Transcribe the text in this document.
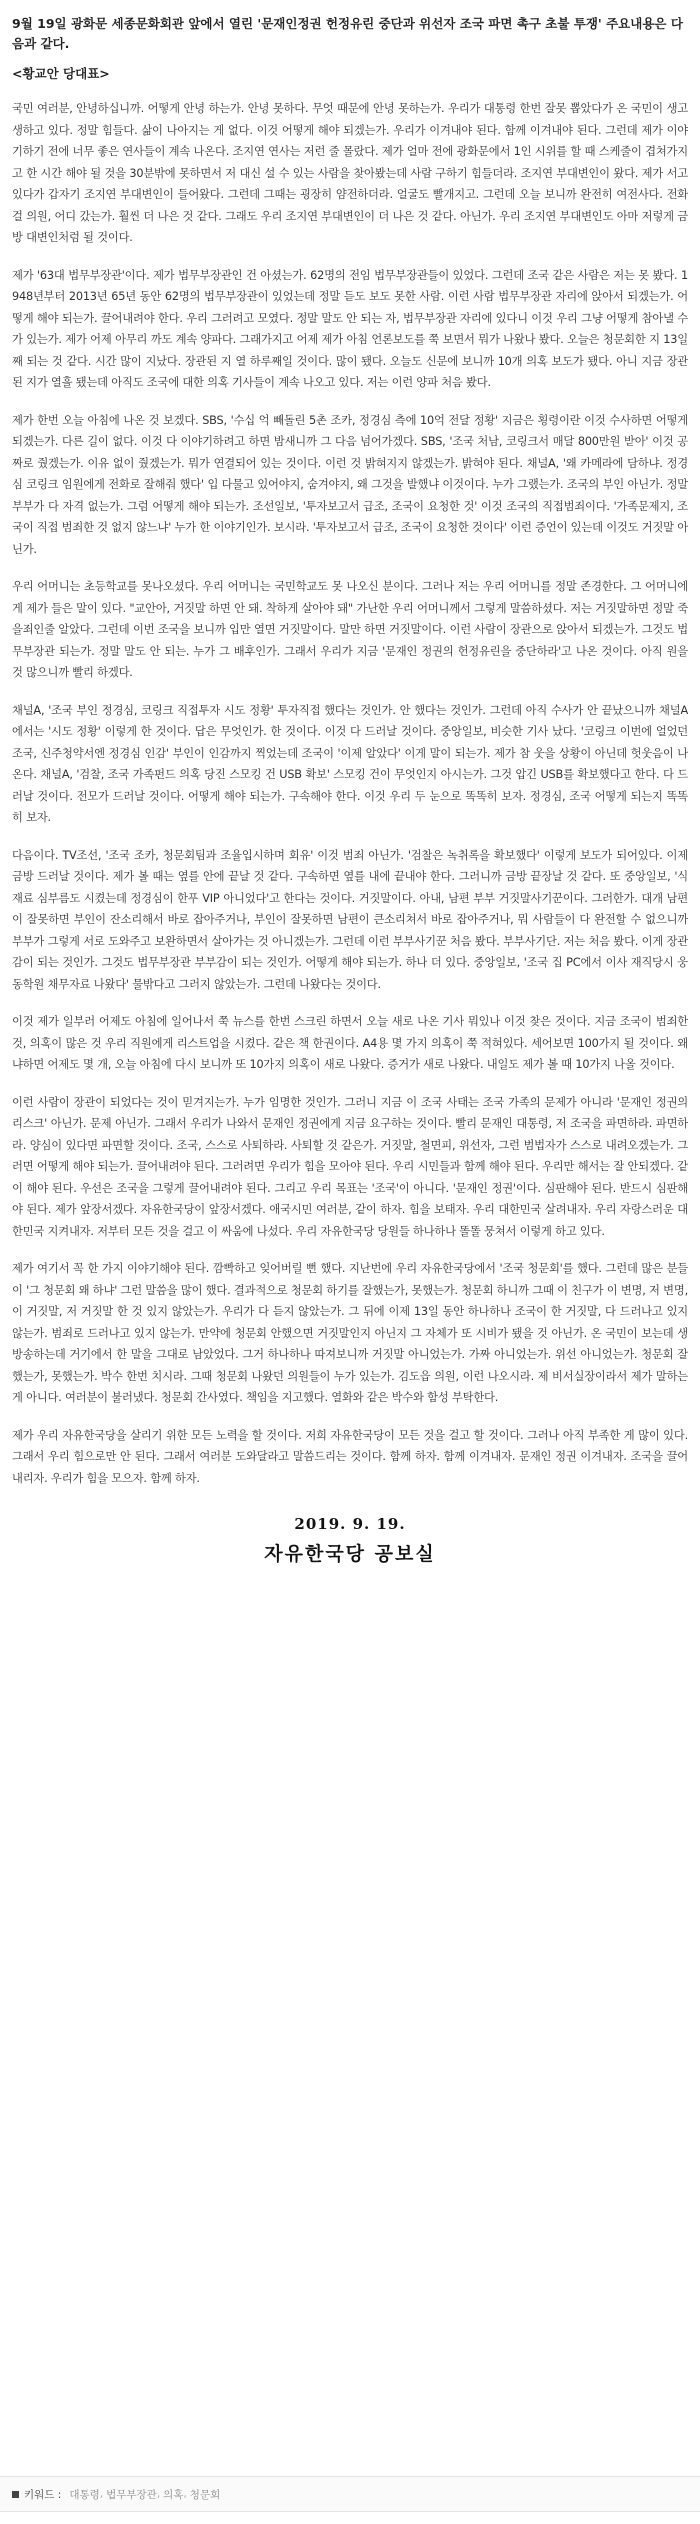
9월 19일 광화문 세종문화회관 앞에서 열린 '문재인정권 헌정유린 중단과 위선자 조국 파면 촉구 초불 투쟁' 주요내용은 다음과 같다.
<황교안 당대표>

국민 여러분, 안녕하십니까. 어떻게 안녕 하는가. 안녕 못하다. 무엇 때문에 안녕 못하는가. 우리가 대통령 한번 잘못 뽑았다가 온 국민이 생고생하고 있다. 정말 힘들다. 삶이 나아지는 게 없다. 이것 어떻게 해야 되겠는가. 우리가 이겨내야 된다. 함께 이겨내야 된다. 그런데 제가 이야기하기 전에 너무 좋은 연사들이 계속 나온다. 조지연 연사는 저런 줄 몰랐다. 제가 얼마 전에 광화문에서 1인 시위를 할 때 스케줄이 겹쳐가지고 한 시간 해야 될 것을 30분밖에 못하면서 저 대신 설 수 있는 사람을 찾아봤는데 사람 구하기 힘들더라. 조지연 부대변인이 왔다. 제가 서고 있다가 갑자기 조지연 부대변인이 들어왔다. 그런데 그때는 굉장히 얌전하더라. 얼굴도 빨개지고. 그런데 오늘 보니까 완전히 여전사다. 전화걸 의원, 어디 갔는가. 훨씬 더 나은 것 같다. 그래도 우리 조지연 부대변인이 더 나은 것 같다. 아닌가. 우리 조지연 부대변인도 아마 저렇게 금방 대변인처럼 될 것이다.

제가 '63대 법무부장관'이다. 제가 법무부장관인 건 아셨는가. 62명의 전임 법무부장관들이 있었다. 그런데 조국 같은 사람은 저는 못 봤다. 1948년부터 2013년 65년 동안 62명의 법무부장관이 있었는데 정말 듣도 보도 못한 사람. 이런 사람 법무부장관 자리에 앉아서 되겠는가. 어떻게 해야 되는가. 끌어내려야 한다. 우리 그러려고 모였다. 정말 말도 안 되는 자, 법무부장관 자리에 있다니 이것 우리 그냥 어떻게 참아낼 수가 있는가. 제가 어제 아무리 까도 계속 양파다. 그래가지고 어제 제가 아침 언론보도를 쭉 보면서 뭐가 나왔나 봤다. 오늘은 청문회한 지 13일째 되는 것 같다. 시간 많이 지났다. 장관된 지 열 하루째일 것이다. 많이 됐다. 오늘도 신문에 보니까 10개 의혹 보도가 됐다. 아니 지금 장관된 지가 열흘 됐는데 아직도 조국에 대한 의혹 기사들이 계속 나오고 있다. 저는 이런 양파 처음 봤다.

제가 한번 오늘 아침에 나온 것 보겠다. SBS, '수십 억 빼돌린 5촌 조카, 정경심 측에 10억 전달 정황' 지금은 횡령이란 이것 수사하면 어떻게 되겠는가. 다른 길이 없다. 이것 다 이야기하려고 하면 밤새니까 그 다음 넘어가겠다. SBS, '조국 처남, 코링크서 매달 800만원 받아' 이것 공짜로 줬겠는가. 이유 없이 줬겠는가. 뭐가 연결되어 있는 것이다. 이런 것 밝혀지지 않겠는가. 밝혀야 된다. 채널A, '왜 카메라에 담하냐. 정경심 코링크 임원에게 전화로 잘해줘 했다' 입 다물고 있어야지, 숨겨야지, 왜 그것을 발했냐 이것이다. 누가 그랬는가. 조국의 부인 아닌가. 정말 부부가 다 자격 없는가. 그럼 어떻게 해야 되는가. 조선일보, '투자보고서 급조, 조국이 요청한 것' 이것 조국의 직접범죄이다. '가족문제지, 조국이 직접 범죄한 것 없지 않느냐' 누가 한 이야기인가. 보시라. '투자보고서 급조, 조국이 요청한 것이다' 이런 증언이 있는데 이것도 거짓말 아닌가.

우리 어머니는 초등학교를 못나오셨다. 우리 어머니는 국민학교도 못 나오신 분이다. 그러나 저는 우리 어머니를 정말 존경한다. 그 어머니에게 제가 들은 말이 있다. "교안아, 거짓말 하면 안 돼. 착하게 살아야 돼" 가난한 우리 어머니께서 그렇게 말씀하셨다. 저는 거짓말하면 정말 죽을죄인줄 알았다. 그런데 이번 조국을 보니까 입만 열면 거짓말이다. 말만 하면 거짓말이다. 이런 사람이 장관으로 앉아서 되겠는가. 그것도 법무부장관 되는가. 정말 말도 안 되는. 누가 그 배후인가. 그래서 우리가 지금 '문재인 정권의 헌정유린을 중단하라'고 나온 것이다. 아직 원을 것 많으니까 빨리 하겠다.

채널A, '조국 부인 정경심, 코링크 직접투자 시도 정황' 투자직접 했다는 것인가. 안 했다는 것인가. 그런데 아직 수사가 안 끝났으니까 채널A에서는 '시도 정황' 이렇게 한 것이다. 답은 무엇인가. 한 것이다. 이것 다 드러날 것이다. 중앙일보, 비슷한 기사 났다. '코링크 이번에 얼었던 조국, 신주청약서엔 정경심 인감' 부인이 인감까지 찍었는데 조국이 '이제 알았다' 이게 말이 되는가. 제가 참 웃을 상황이 아닌데 헛웃음이 나온다. 채널A, '검찰, 조국 가족펀드 의혹 당진 스모킹 건 USB 확보' 스모킹 건이 무엇인지 아시는가. 그것 압긴 USB를 확보했다고 한다. 다 드러날 것이다. 전모가 드러날 것이다. 어떻게 해야 되는가. 구속해야 한다. 이것 우리 두 눈으로 똑똑히 보자. 정경심, 조국 어떻게 되는지 똑똑히 보자.

다음이다. TV조선, '조국 조카, 청문회팀과 조율입시하며 회유' 이것 범죄 아닌가. '검찰은 녹취록을 확보했다' 이렇게 보도가 되어있다. 이제 금방 드러날 것이다. 제가 볼 때는 옆를 안에 끝날 것 같다. 구속하면 옆를 내에 끝내야 한다. 그러니까 금방 끝장날 것 같다. 또 중앙일보, '식재료 심부름도 시켰는데 정경심이 한푸 VIP 아니었다'고 한다는 것이다. 거짓말이다. 아내, 남편 부부 거짓말사기꾼이다. 그러한가. 대개 남편이 잘못하면 부인이 잔소리해서 바로 잡아주거나, 부인이 잘못하면 남편이 큰소리쳐서 바로 잡아주거나, 뭐 사람들이 다 완전할 수 없으니까 부부가 그렇게 서로 도와주고 보완하면서 살아가는 것 아니겠는가. 그런데 이런 부부사기꾼 처음 봤다. 부부사기단. 저는 처음 봤다. 이게 장관감이 되는 것인가. 그것도 법무부장관 부부감이 되는 것인가. 어떻게 해야 되는가. 하나 더 있다. 중앙일보, '조국 집 PC에서 이사 재직당시 웅동학원 채무자료 나왔다' 물밖다고 그러지 않았는가. 그런데 나왔다는 것이다.

이것 제가 일부러 어제도 아침에 일어나서 쭉 뉴스를 한번 스크린 하면서 오늘 새로 나온 기사 뭐있나 이것 찾은 것이다. 지금 조국이 범죄한 것, 의혹이 많은 것 우리 직원에게 리스트업을 시켰다. 같은 책 한권이다. A4용 몇 가지 의혹이 쭉 적혀있다. 세어보면 100가지 될 것이다. 왜냐하면 어제도 몇 개, 오늘 아침에 다시 보니까 또 10가지 의혹이 새로 나왔다. 증거가 새로 나왔다. 내일도 제가 볼 때 10가지 나올 것이다.

이런 사람이 장관이 되었다는 것이 믿겨지는가. 누가 임명한 것인가. 그러니 지금 이 조국 사태는 조국 가족의 문제가 아니라 '문재인 정권의 리스크' 아닌가. 문제 아닌가. 그래서 우리가 나와서 문재인 정권에게 지금 요구하는 것이다. 빨리 문재인 대통령, 저 조국을 파면하라. 파면하라. 양심이 있다면 파면할 것이다. 조국, 스스로 사퇴하라. 사퇴할 것 같은가. 거짓말, 철면피, 위선자, 그런 범법자가 스스로 내려오겠는가. 그러면 어떻게 해야 되는가. 끌어내려야 된다. 그러려면 우리가 힘을 모아야 된다. 우리 시민들과 함께 해야 된다. 우리만 해서는 잘 안되겠다. 같이 해야 된다. 우선은 조국을 그렇게 끌어내려야 된다. 그리고 우리 목표는 '조국'이 아니다. '문재인 정권'이다. 심판해야 된다. 반드시 심판해야 된다. 제가 앞장서겠다. 자유한국당이 앞장서겠다. 애국시민 여러분, 같이 하자. 힘을 보태자. 우리 대한민국 살려내자. 우리 자랑스러운 대한민국 지켜내자. 저부터 모든 것을 걸고 이 싸움에 나섰다. 우리 자유한국당 당원들 하나하나 똘똘 뭉쳐서 이렇게 하고 있다.

제가 여기서 꼭 한 가지 이야기해야 된다. 깜빡하고 잊어버릴 뻔 했다. 지난번에 우리 자유한국당에서 '조국 청문회'를 했다. 그런데 많은 분들이 '그 청문회 왜 하냐' 그런 말씀을 많이 했다. 결과적으로 청문회 하기를 잘했는가, 못했는가. 청문회 하니까 그때 이 친구가 이 변명, 저 변명, 이 거짓말, 저 거짓말 한 것 있지 않았는가. 우리가 다 듣지 않았는가. 그 뒤에 이제 13일 동안 하나하나 조국이 한 거짓말, 다 드러나고 있지 않는가. 범죄로 드러나고 있지 않는가. 만약에 청문회 안했으면 거짓말인지 아닌지 그 자체가 또 시비가 됐을 것 아닌가. 온 국민이 보는데 생방송하는데 거기에서 한 말을 그대로 남았었다. 그거 하나하나 따져보니까 거짓말 아니었는가. 가짜 아니었는가. 위선 아니었는가. 청문회 잘했는가, 못했는가. 박수 한번 치시라. 그때 청문회 나왔던 의원들이 누가 있는가. 김도읍 의원, 이런 나오시라. 제 비서실장이라서 제가 말하는 게 아니다. 여러분이 불러냈다. 청문회 간사였다. 책임을 지고했다. 열화와 같은 박수와 함성 부탁한다.

제가 우리 자유한국당을 살리기 위한 모든 노력을 할 것이다. 저희 자유한국당이 모든 것을 걸고 할 것이다. 그러나 아직 부족한 게 많이 있다. 그래서 우리 힘으로만 안 된다. 그래서 여러분 도와달라고 말씀드리는 것이다. 함께 하자. 함께 이겨내자. 문재인 정권 이겨내자. 조국을 끌어내리자. 우리가 힘을 모으자. 함께 하자.

2019. 9. 19.

자유한국당 공보실

키워드 : 대통령 , 법무부장관 , 의혹 , 청문회
